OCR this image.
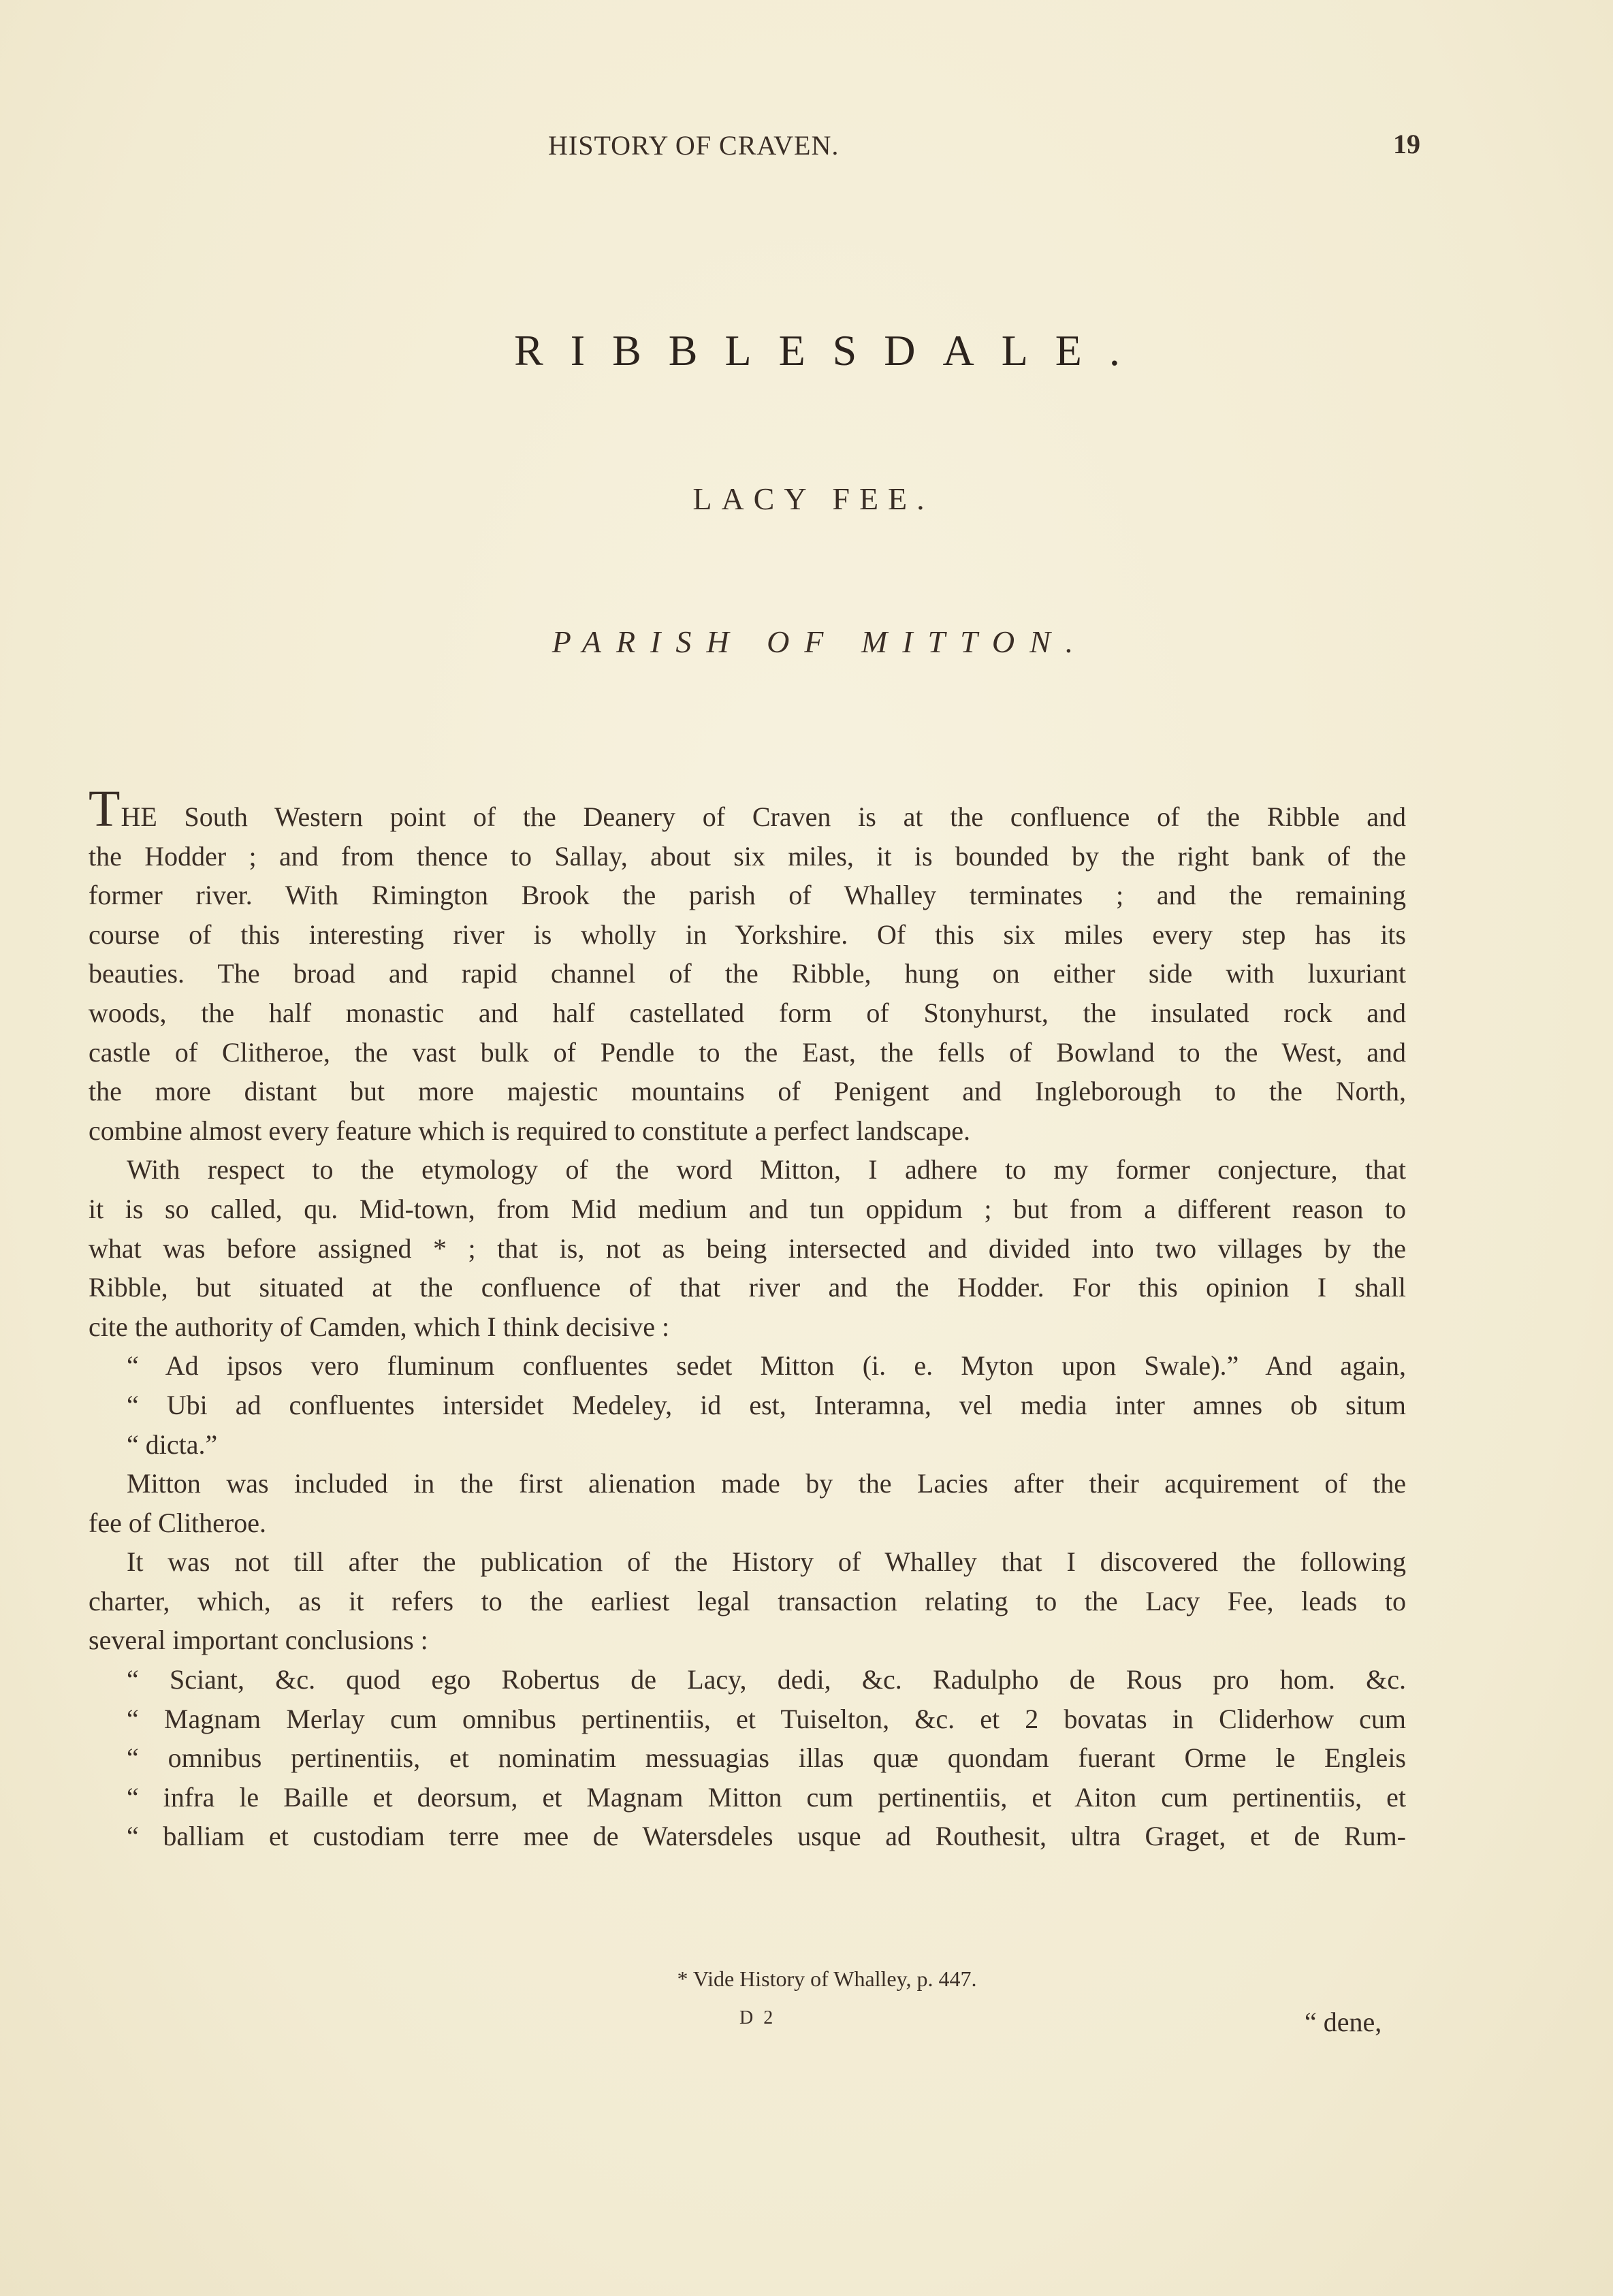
HISTORY OF CRAVEN.	19
RIBBLESDALE.
LACY FEE.
PARISH OF MITTON.

THE South Western point of the Deanery of Craven is at the confluence of the Ribble and

the Hodder ; and from thence to Sallay, about six miles, it is bounded by the right bank of the

former river. With Rimington Brook the parish of Whalley terminates ; and the remaining

course of this interesting river is wholly in Yorkshire. Of this six miles every step has its

beauties. The broad and rapid channel of the Ribble, hung on either side with luxuriant

woods, the half monastic and half castellated form of Stonyhurst, the insulated rock and

castle of Clitheroe, the vast bulk of Pendle to the East, the fells of Bowland to the West, and

the more distant but more majestic mountains of Penigent and Ingleborough to the North,

combine almost every feature which is required to constitute a perfect landscape.

With respect to the etymology of the word Mitton, I adhere to my former conjecture, that

it is so called, qu. Mid-town, from Mid medium and tun oppidum ; but from a different reason to

what was before assigned * ; that is, not as being intersected and divided into two villages by the

Ribble, but situated at the confluence of that river and the Hodder. For this opinion I shall

cite the authority of Camden, which I think decisive :

“ Ad ipsos vero fluminum confluentes sedet Mitton (i. e. Myton upon Swale).” And again,

“ Ubi ad confluentes intersidet Medeley, id est, Interamna, vel media inter amnes ob situm

“ dicta.”

Mitton was included in the first alienation made by the Lacies after their acquirement of the

fee of Clitheroe.

It was not till after the publication of the History of Whalley that I discovered the following

charter, which, as it refers to the earliest legal transaction relating to the Lacy Fee, leads to

several important conclusions :

“ Sciant, &c. quod ego Robertus de Lacy, dedi, &c. Radulpho de Rous pro hom. &c.

“ Magnam Merlay cum omnibus pertinentiis, et Tuiselton, &c. et 2 bovatas in Cliderhow cum

“ omnibus pertinentiis, et nominatim messuagias illas quæ quondam fuerant Orme le Engleis

“ infra le Baille et deorsum, et Magnam Mitton cum pertinentiis, et Aiton cum pertinentiis, et

“ balliam et custodiam terre mee de Watersdeles usque ad Routhesit, ultra Graget, et de Rum-

* Vide History of Whalley, p. 447.
D 2	“ dene,
